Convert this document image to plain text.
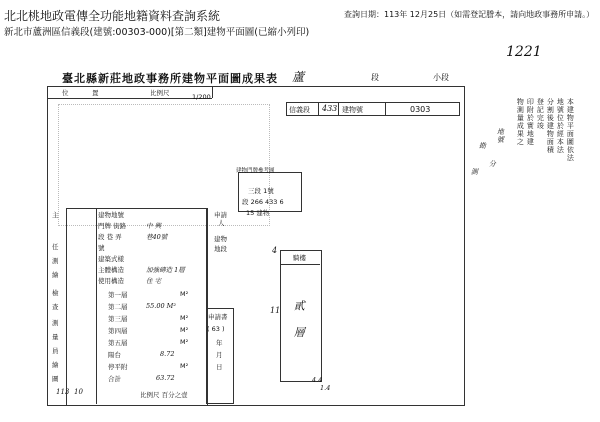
北北桃地政電傳全功能地籍資料查詢系統	查詢日期：113年 12月25日（如需登記謄本，請向地政事務所申請。）
新北市蘆洲區信義段(建號:00303-000)[第二類]建物平面圖(已縮小列印)
1221
臺北縣新莊地政事務所建物平面圖成果表 蘆	段	小段
位	置	比例尺	1/200
信義段 433 建物號	0303	本建物平面圖依法
地號位於經本法
分割後建物面積
登記完竣
印附於實地建
物測量成果之
地號
分
勘
測
主
任
測
繪
檢
查
測
量
員
繪
圖
113 10
建物地號
門牌 街路	中 興
段 巷 弄	巷40號
號
建築式樣
主體構造	加強磚造 1層
使用構造	住 宅
第一層	M²
第二層	55.00 M²
第三層	M²
第四層	M²
第五層	M²
陽台	8.72
停平附	M²
合計	63.72
申請
人
建物
地段
申請書
( 63 )
年
月
日
建物門牌參考圖
三段 1號
段 266 433 6
15 建物
騎樓
貳 層
11
4
4.4
1.4
比例尺 百分之壹
